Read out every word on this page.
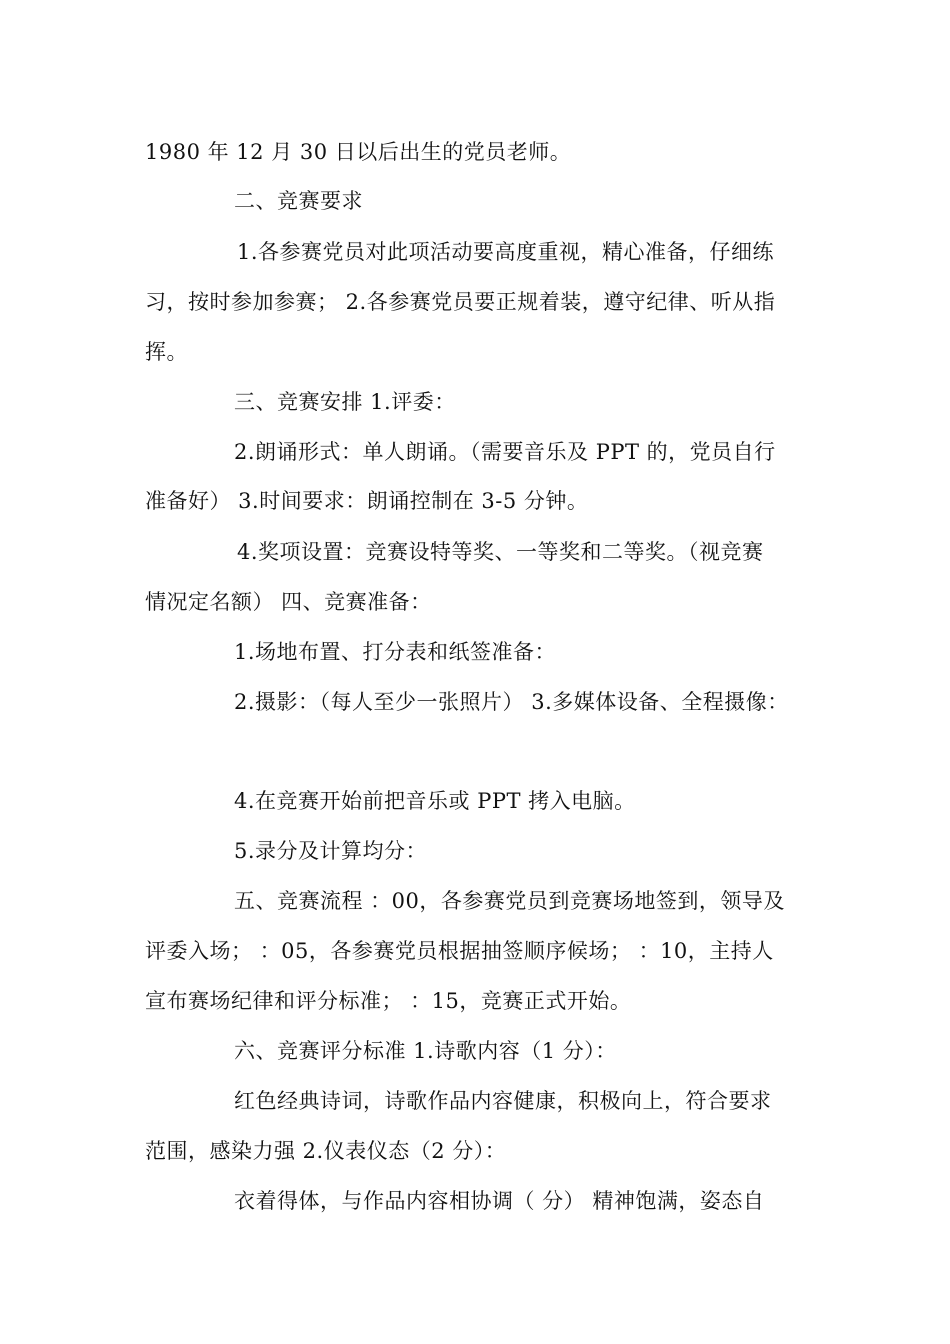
1980 年 12 月 30 日以后出生的党员老师。
二、竞赛要求
1.各参赛党员对此项活动要高度重视，精心准备，仔细练
习，按时参加参赛； 2.各参赛党员要正规着装，遵守纪律、听从指
挥。
三、竞赛安排 1.评委：
2.朗诵形式：单人朗诵。（需要音乐及 PPT 的，党员自行
准备好） 3.时间要求：朗诵控制在 3-5 分钟。
4.奖项设置：竞赛设特等奖、一等奖和二等奖。（视竞赛
情况定名额） 四、竞赛准备：
1.场地布置、打分表和纸签准备：
2.摄影：（每人至少一张照片） 3.多媒体设备、全程摄像：
4.在竞赛开始前把音乐或 PPT 拷入电脑。
5.录分及计算均分：
五、竞赛流程 ：00，各参赛党员到竞赛场地签到，领导及
评委入场； ：05，各参赛党员根据抽签顺序候场； ：10，主持人
宣布赛场纪律和评分标准； ：15，竞赛正式开始。
六、竞赛评分标准 1.诗歌内容（1 分）：
红色经典诗词，诗歌作品内容健康，积极向上，符合要求
范围，感染力强 2.仪表仪态（2 分）：
衣着得体，与作品内容相协调（ 分） 精神饱满，姿态自
